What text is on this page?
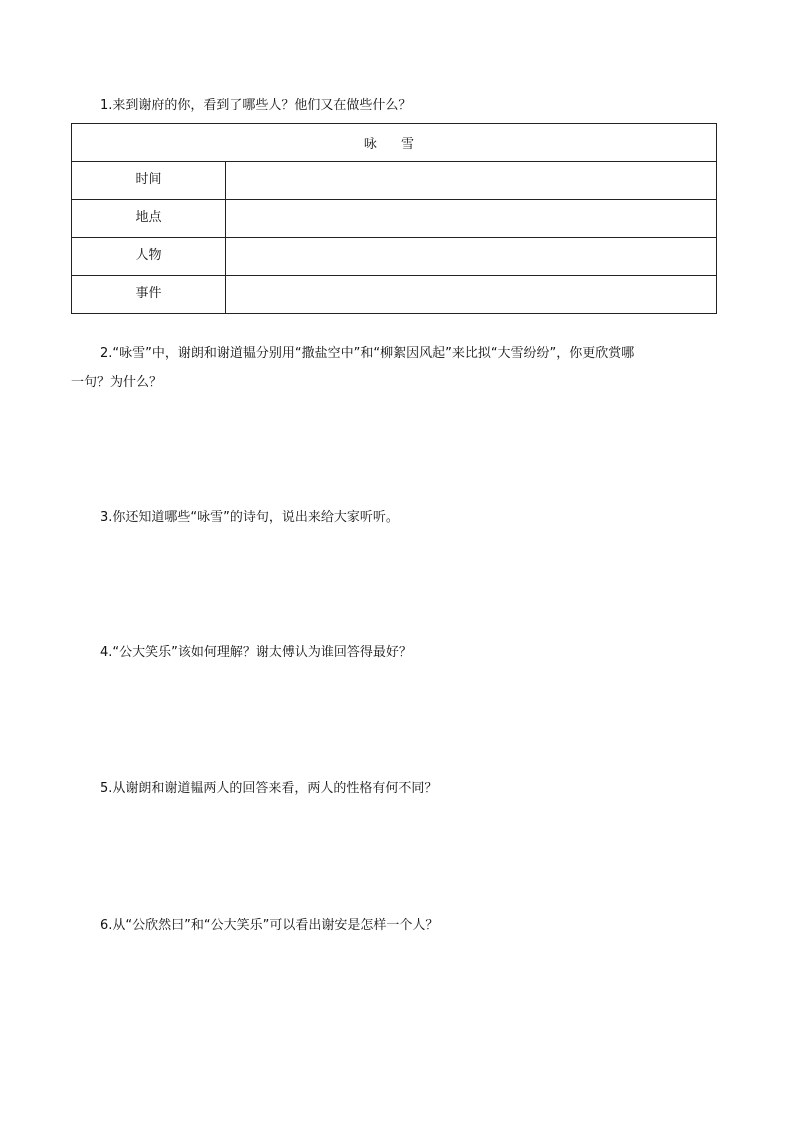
1.来到谢府的你，看到了哪些人？他们又在做些什么？
咏 雪	
时间	
地点	
人物	
事件	
2.“咏雪”中，谢朗和谢道韫分别用“撒盐空中”和“柳絮因风起”来比拟“大雪纷纷”，你更欣赏哪
一句？为什么？
3.你还知道哪些“咏雪”的诗句，说出来给大家听听。
4.“公大笑乐”该如何理解？谢太傅认为谁回答得最好？
5.从谢朗和谢道韫两人的回答来看，两人的性格有何不同？
6.从“公欣然曰”和“公大笑乐”可以看出谢安是怎样一个人？
